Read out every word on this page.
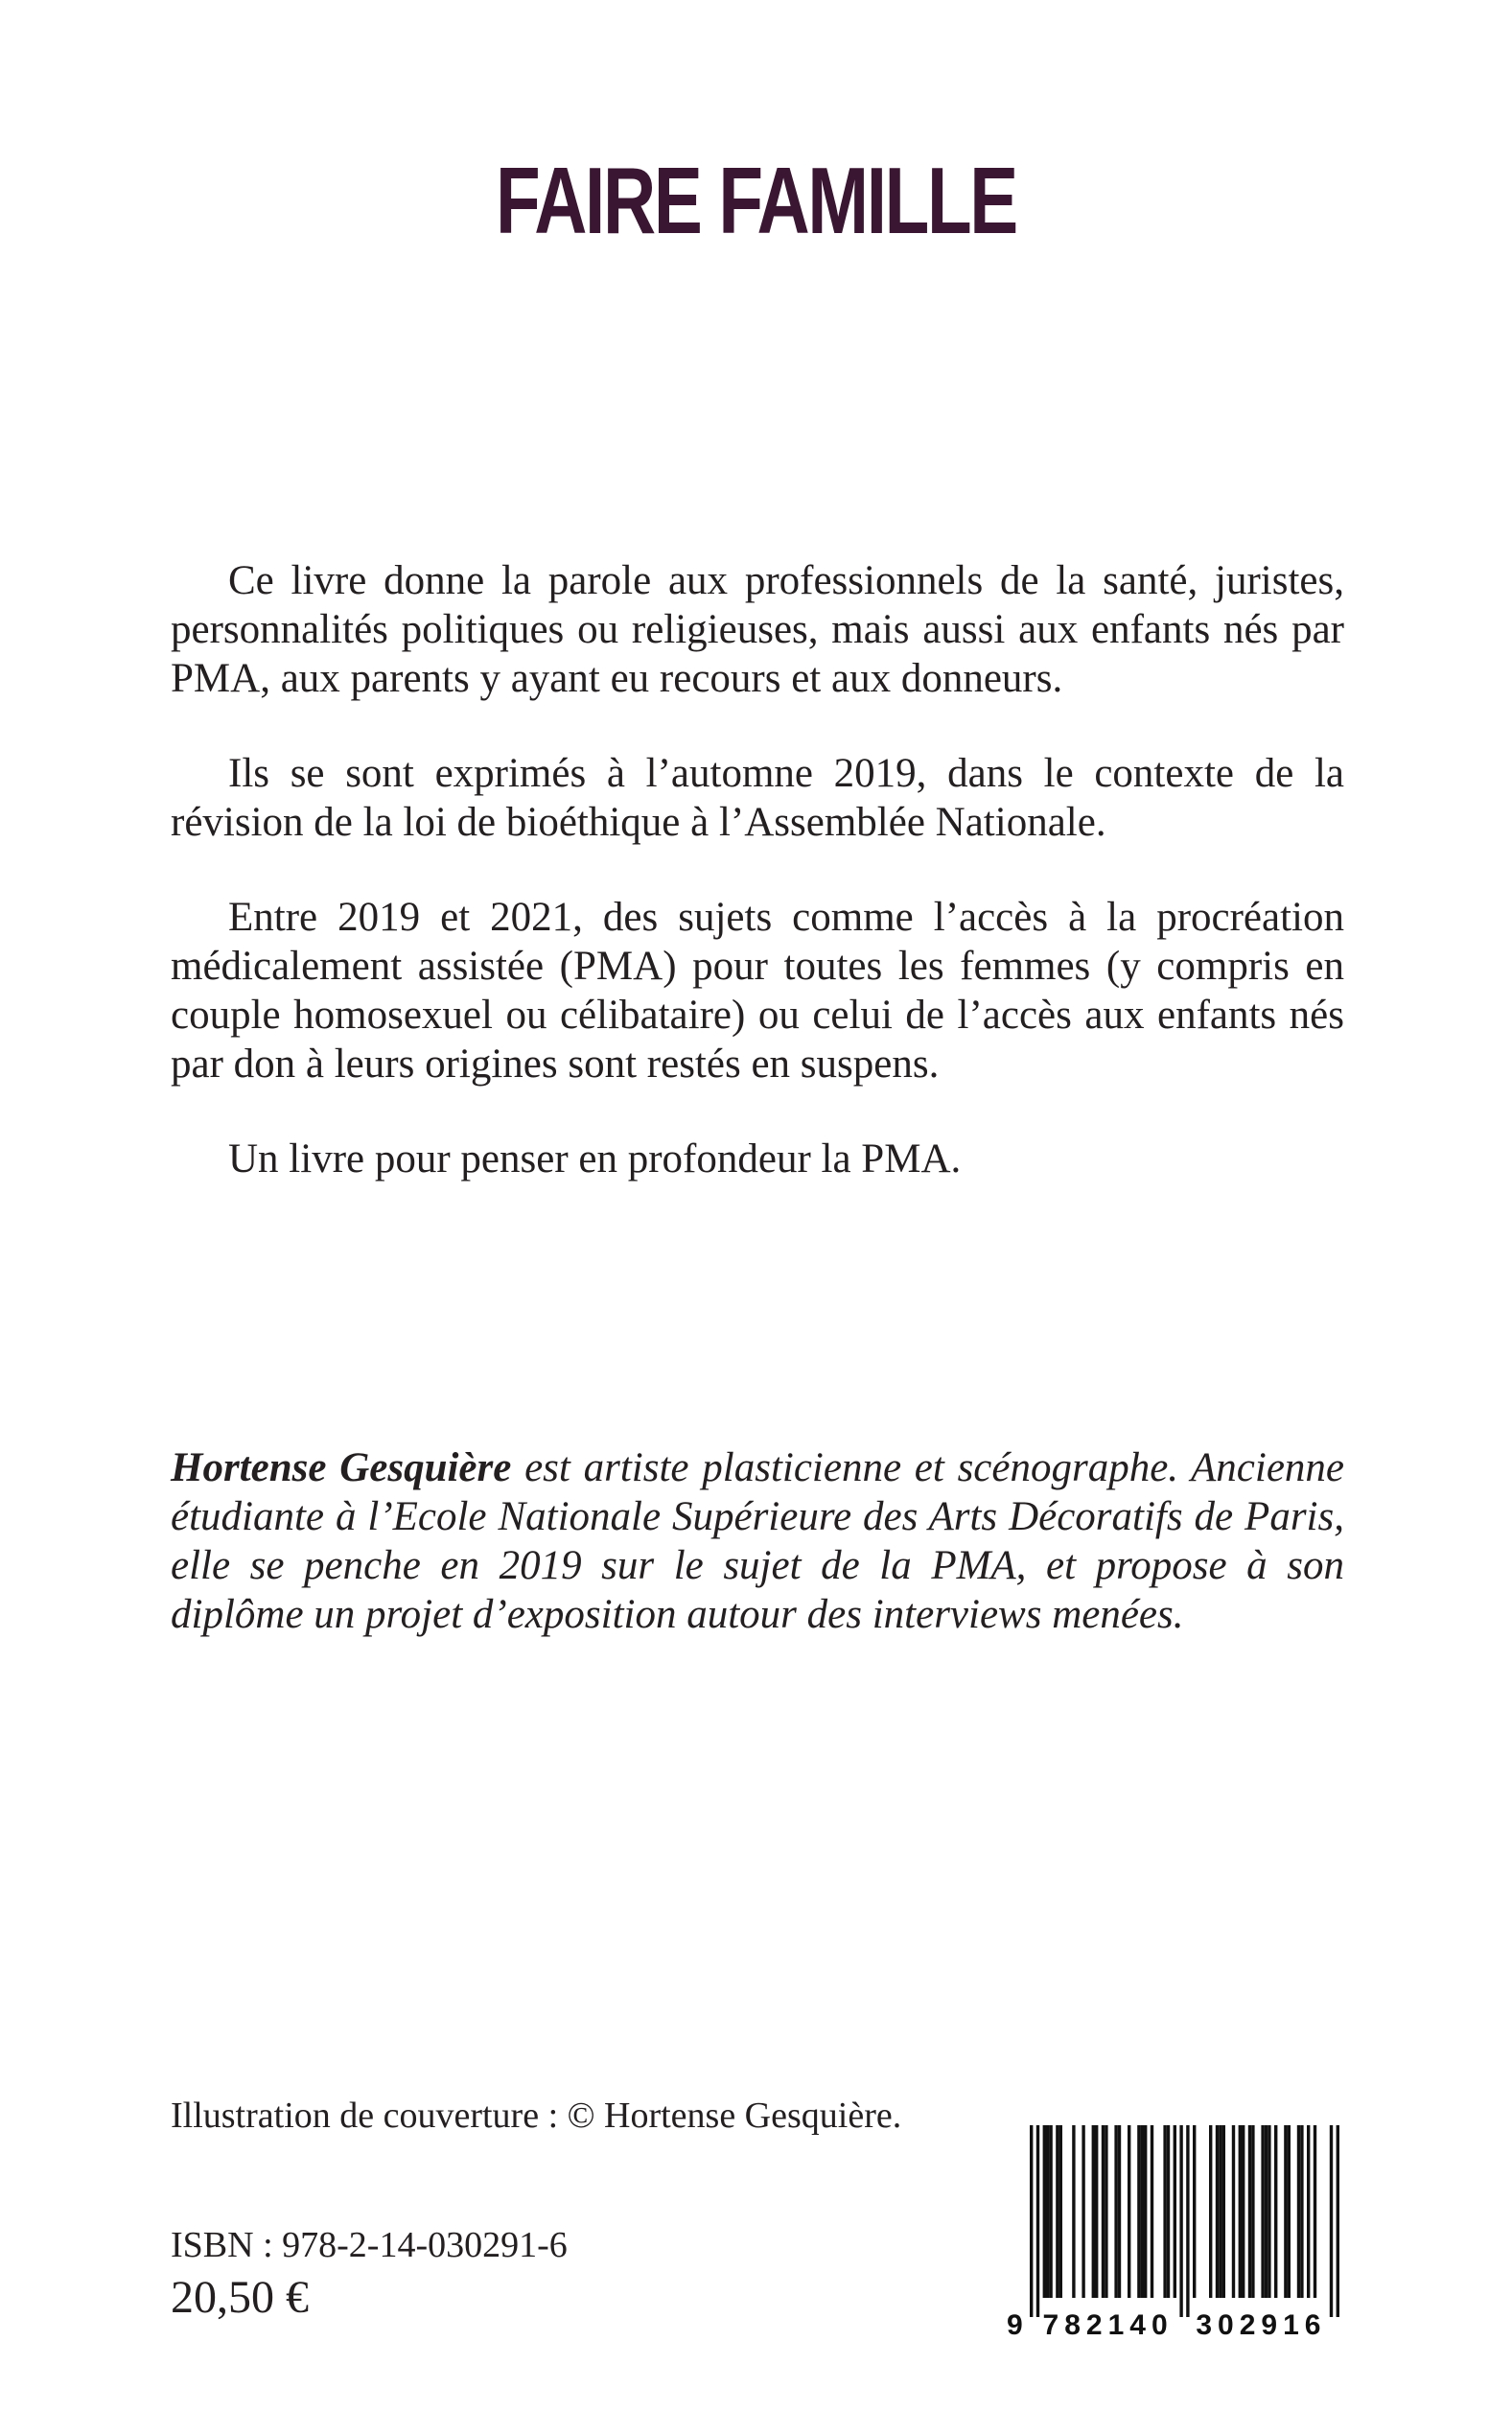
FAIRE FAMILLE

Ce livre donne la parole aux professionnels de la santé, juristes, personnalités politiques ou religieuses, mais aussi aux enfants nés par PMA, aux parents y ayant eu recours et aux donneurs.

Ils se sont exprimés à l’automne 2019, dans le contexte de la révision de la loi de bioéthique à l’Assemblée Nationale.

Entre 2019 et 2021, des sujets comme l’accès à la procréation médicalement assistée (PMA) pour toutes les femmes (y compris en couple homosexuel ou célibataire) ou celui de l’accès aux enfants nés par don à leurs origines sont restés en suspens.

Un livre pour penser en profondeur la PMA.

Hortense Gesquière est artiste plasticienne et scénographe. Ancienne étudiante à l’Ecole Nationale Supérieure des Arts Décoratifs de Paris, elle se penche en 2019 sur le sujet de la PMA, et propose à son diplôme un projet d’exposition autour des interviews menées.
Illustration de couverture : © Hortense Gesquière.
ISBN : 978-2-14-030291-6
20,50 €
9 782140 302916
